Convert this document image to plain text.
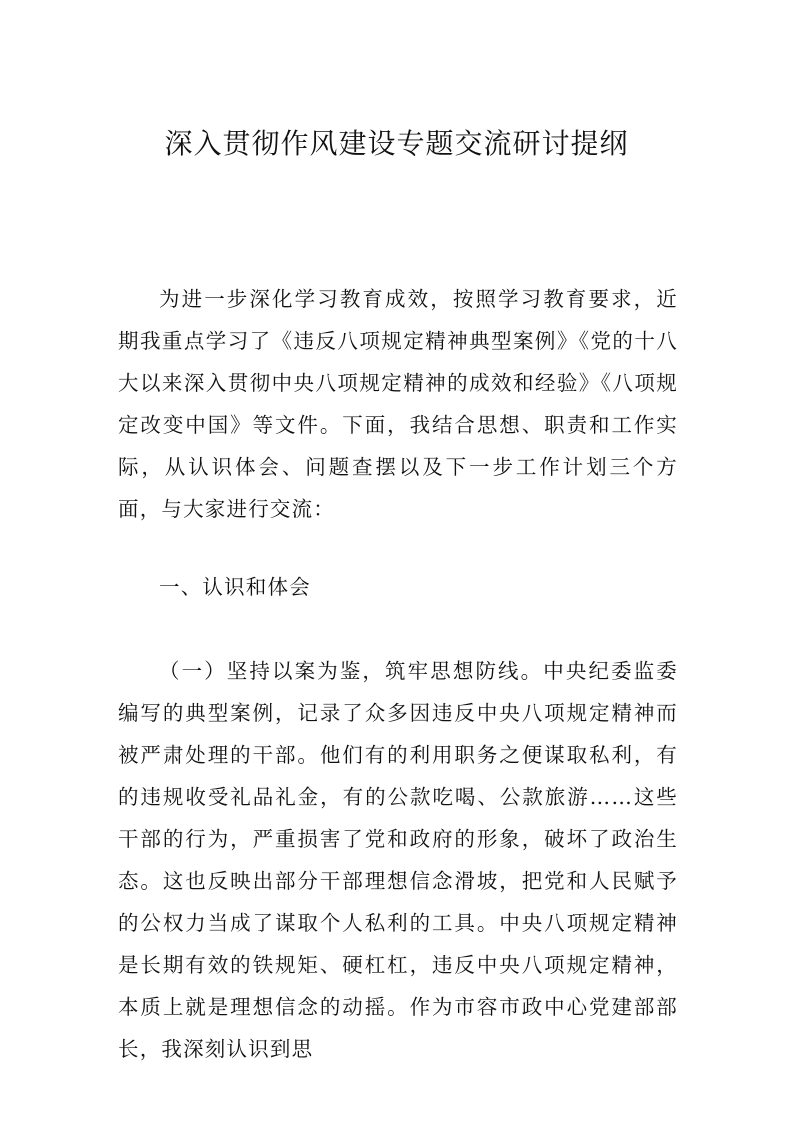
深入贯彻作风建设专题交流研讨提纲

为进一步深化学习教育成效，按照学习教育要求，近期我重点学习了《违反八项规定精神典型案例》《党的十八大以来深入贯彻中央八项规定精神的成效和经验》《八项规定改变中国》等文件。下面，我结合思想、职责和工作实际，从认识体会、问题查摆以及下一步工作计划三个方面，与大家进行交流：

一、认识和体会

（一）坚持以案为鉴，筑牢思想防线。中央纪委监委编写的典型案例，记录了众多因违反中央八项规定精神而被严肃处理的干部。他们有的利用职务之便谋取私利，有的违规收受礼品礼金，有的公款吃喝、公款旅游……这些干部的行为，严重损害了党和政府的形象，破坏了政治生态。这也反映出部分干部理想信念滑坡，把党和人民赋予的公权力当成了谋取个人私利的工具。中央八项规定精神是长期有效的铁规矩、硬杠杠，违反中央八项规定精神，本质上就是理想信念的动摇。作为市容市政中心党建部部长，我深刻认识到思
